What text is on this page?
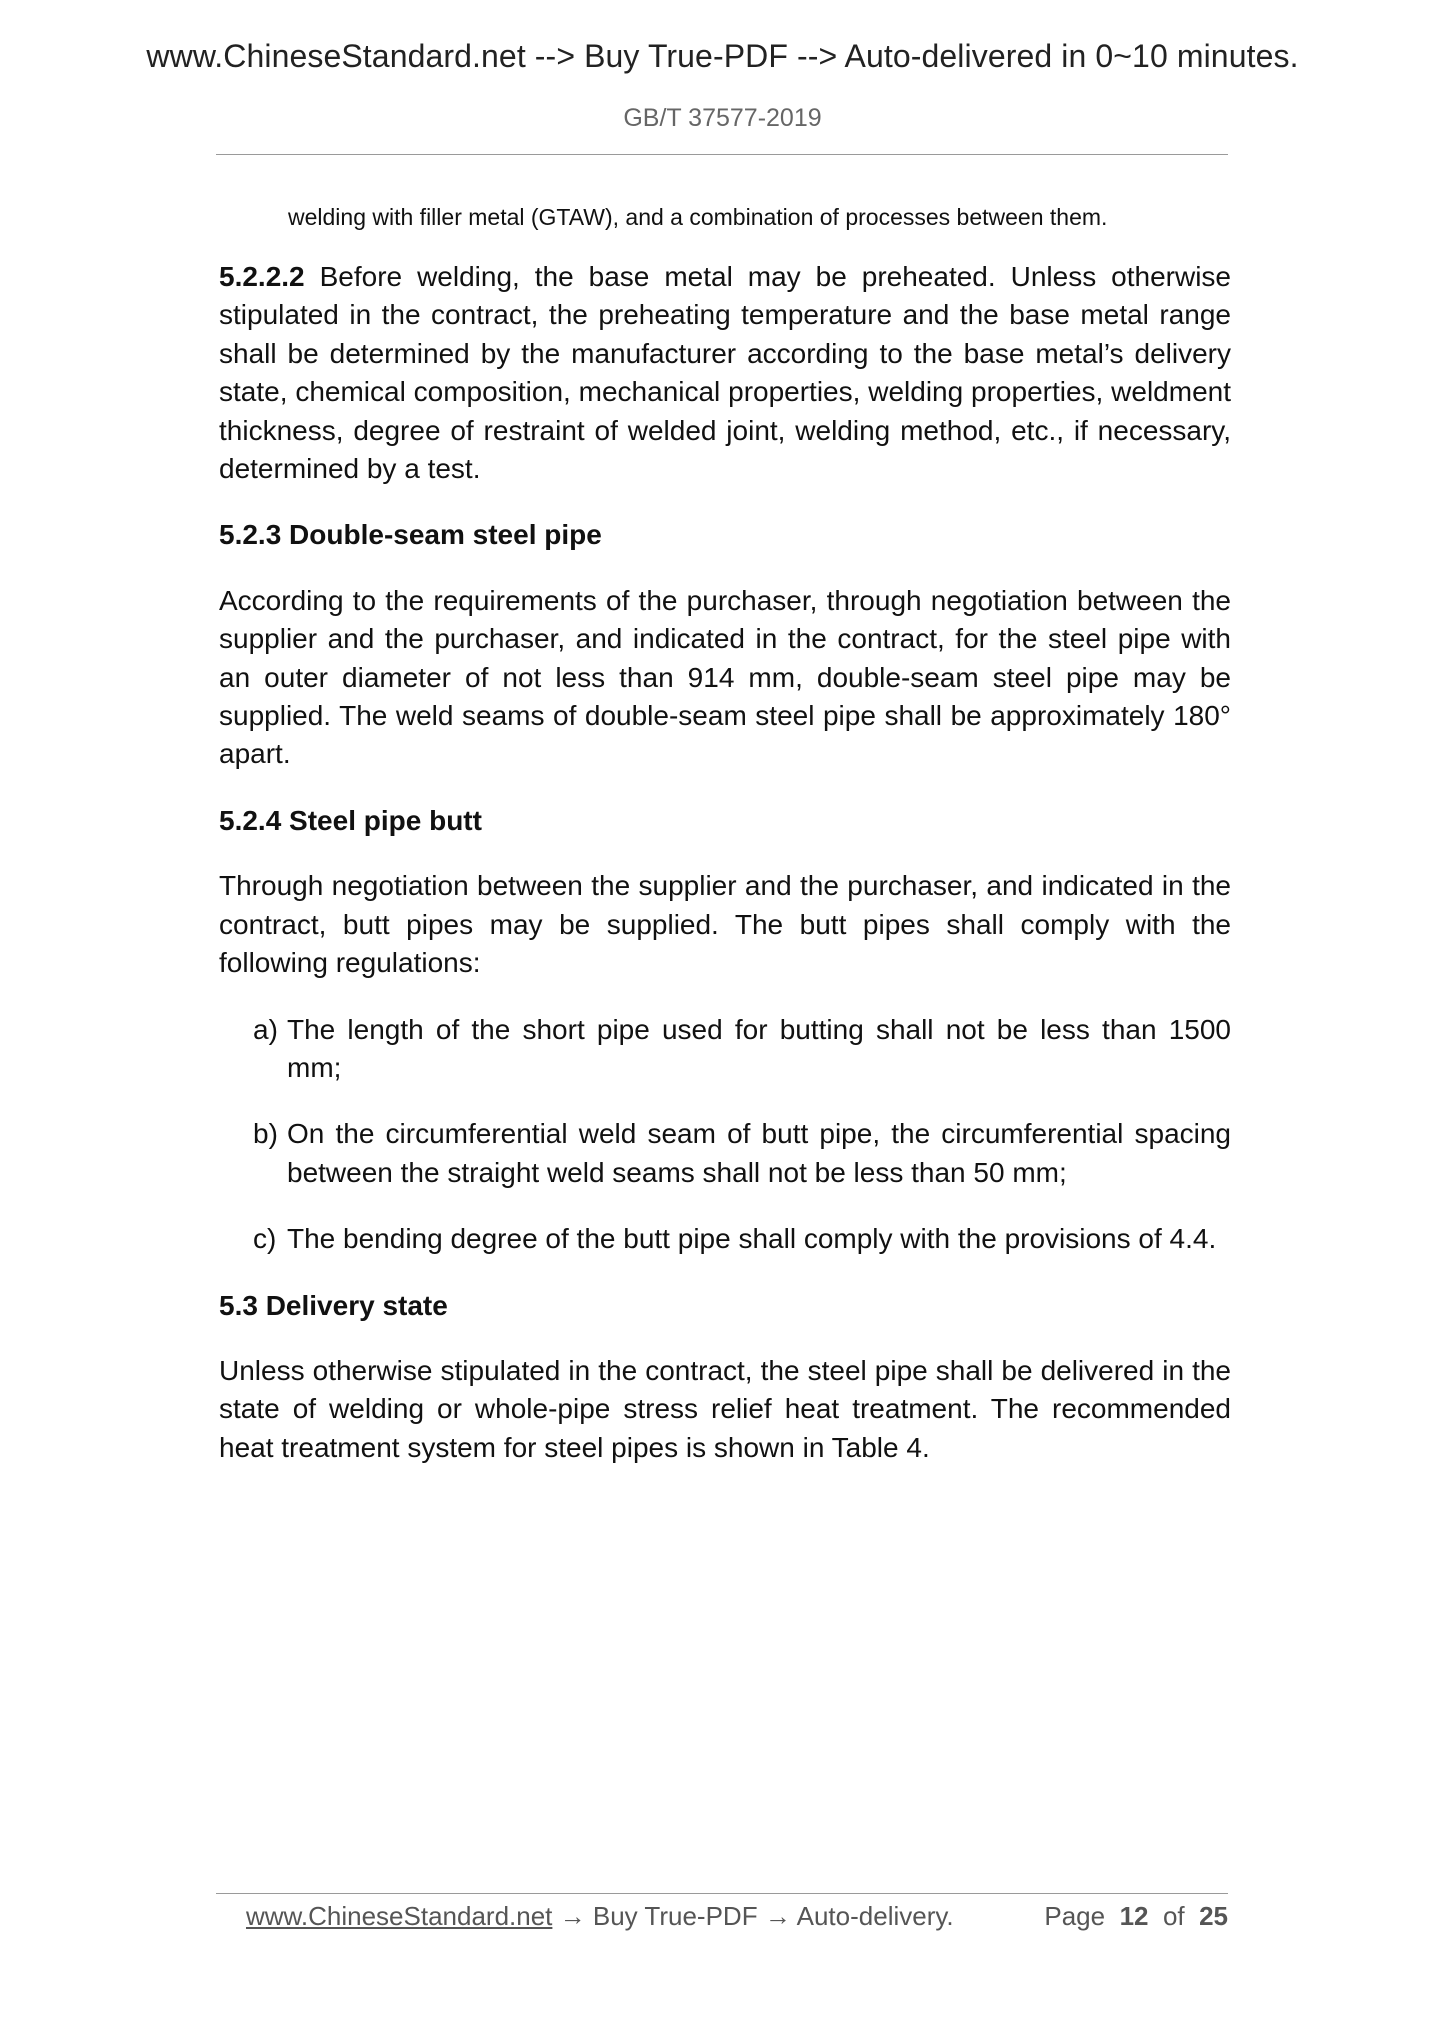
www.ChineseStandard.net --> Buy True-PDF --> Auto-delivered in 0~10 minutes.
GB/T 37577-2019

welding with filler metal (GTAW), and a combination of processes between them.

5.2.2.2 Before welding, the base metal may be preheated. Unless otherwise stipulated in the contract, the preheating temperature and the base metal range shall be determined by the manufacturer according to the base metal’s delivery state, chemical composition, mechanical properties, welding properties, weldment thickness, degree of restraint of welded joint, welding method, etc., if necessary, determined by a test.

5.2.3 Double-seam steel pipe

According to the requirements of the purchaser, through negotiation between the supplier and the purchaser, and indicated in the contract, for the steel pipe with an outer diameter of not less than 914 mm, double-seam steel pipe may be supplied. The weld seams of double-seam steel pipe shall be approximately 180° apart.

5.2.4 Steel pipe butt

Through negotiation between the supplier and the purchaser, and indicated in the contract, butt pipes may be supplied. The butt pipes shall comply with the following regulations:

a) The length of the short pipe used for butting shall not be less than 1500 mm;

b) On the circumferential weld seam of butt pipe, the circumferential spacing between the straight weld seams shall not be less than 50 mm;

c) The bending degree of the butt pipe shall comply with the provisions of 4.4.

5.3 Delivery state

Unless otherwise stipulated in the contract, the steel pipe shall be delivered in the state of welding or whole-pipe stress relief heat treatment. The recommended heat treatment system for steel pipes is shown in Table 4.

www.ChineseStandard.net → Buy True-PDF → Auto-delivery.	Page 12 of 25
